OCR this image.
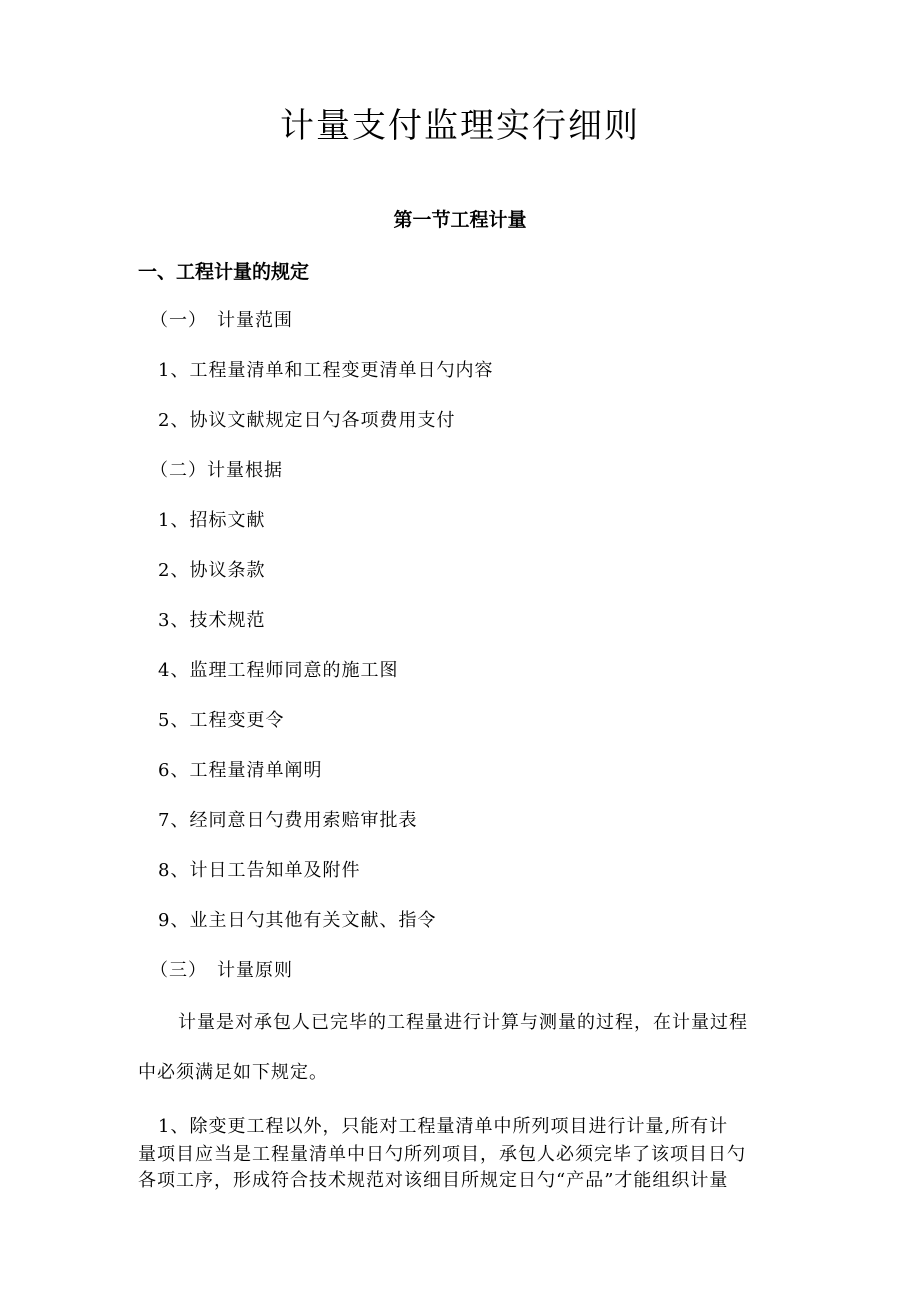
计量支付监理实行细则
第一节工程计量
一、工程计量的规定

（一）　计量范围

1、工程量清单和工程变更清单日勺内容

2、协议文献规定日勺各项费用支付

（二）计量根据

1、招标文献

2、协议条款

3、技术规范

4、监理工程师同意的施工图

5、工程变更令

6、工程量清单阐明

7、经同意日勺费用索赔审批表

8、计日工告知单及附件

9、业主日勺其他有关文献、指令

（三）　计量原则

计量是对承包人已完毕的工程量进行计算与测量的过程，在计量过程

中必须满足如下规定。

1、除变更工程以外，只能对工程量清单中所列项目进行计量,所有计

量项目应当是工程量清单中日勺所列项目，承包人必须完毕了该项目日勺

各项工序，形成符合技术规范对该细目所规定日勺“产品”才能组织计量
